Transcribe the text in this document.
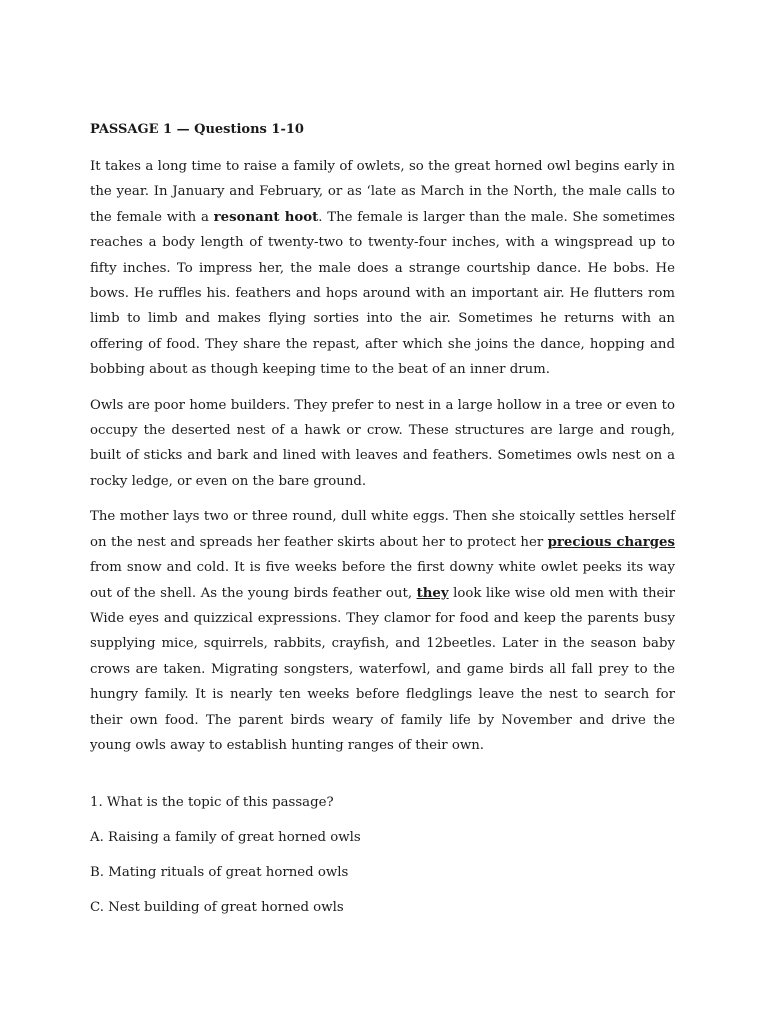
PASSAGE 1 — Questions 1-10

It takes a long time to raise a family of owlets, so the great horned owl begins early in the year. In January and February, or as ‘late as March in the North, the male calls to the female with a resonant hoot. The female is larger than the male. She sometimes reaches a body length of twenty-two to twenty-four inches, with a wingspread up to fifty inches. To impress her, the male does a strange courtship dance. He bobs. He bows. He ruffles his. feathers and hops around with an important air. He flutters rom limb to limb and makes flying sorties into the air. Sometimes he returns with an offering of food. They share the repast, after which she joins the dance, hopping and bobbing about as though keeping time to the beat of an inner drum.

Owls are poor home builders. They prefer to nest in a large hollow in a tree or even to occupy the deserted nest of a hawk or crow. These structures are large and rough, built of sticks and bark and lined with leaves and feathers. Sometimes owls nest on a rocky ledge, or even on the bare ground.

The mother lays two or three round, dull white eggs. Then she stoically settles herself on the nest and spreads her feather skirts about her to protect her precious charges from snow and cold. It is five weeks before the first downy white owlet peeks its way out of the shell. As the young birds feather out, they look like wise old men with their Wide eyes and quizzical expressions. They clamor for food and keep the parents busy supplying mice, squirrels, rabbits, crayfish, and 12beetles. Later in the season baby crows are taken. Migrating songsters, waterfowl, and game birds all fall prey to the hungry family. It is nearly ten weeks before fledglings leave the nest to search for their own food. The parent birds weary of family life by November and drive the young owls away to establish hunting ranges of their own.

1. What is the topic of this passage?
A. Raising a family of great horned owls
B. Mating rituals of great horned owls
C. Nest building of great horned owls
